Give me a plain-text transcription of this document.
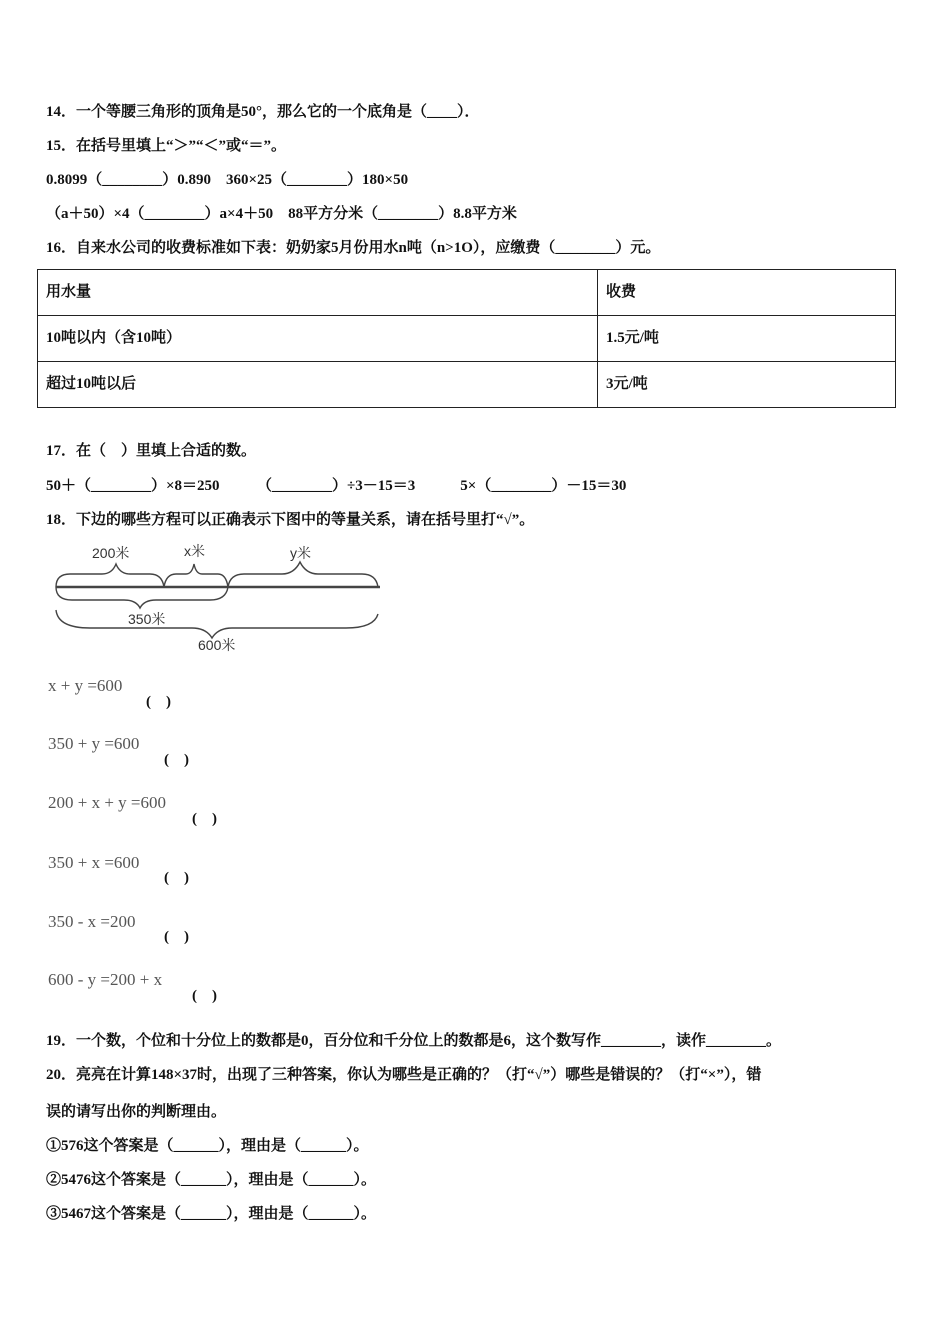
14．一个等腰三角形的顶角是50°，那么它的一个底角是（____）．
15．在括号里填上“＞”“＜”或“＝”。
0.8099（________）0.890　360×25（________）180×50
（a＋50）×4（________）a×4＋50　88平方分米（________）8.8平方米
16．自来水公司的收费标准如下表：奶奶家5月份用水n吨（n>1O），应缴费（________）元。
用水量	收费
10吨以内（含10吨）	1.5元/吨
超过10吨以后	3元/吨
17．在（　）里填上合适的数。
50＋（________）×8＝250　　　（________）÷3－15＝3　　　5×（________）－15＝30
18．下边的哪些方程可以正确表示下图中的等量关系，请在括号里打“√”。
200米	x米	y米
350米
600米
x + y =600
(　)
350 + y =600
(　)
200 + x + y =600
(　)
350 + x =600
(　)
350 - x =200
(　)
600 - y =200 + x
(　)
19．一个数，个位和十分位上的数都是0，百分位和千分位上的数都是6，这个数写作________，读作________。
20．亮亮在计算148×37时，出现了三种答案，你认为哪些是正确的？（打“√”）哪些是错误的？（打“×”），错
误的请写出你的判断理由。
①576这个答案是（______），理由是（______）。
②5476这个答案是（______），理由是（______）。
③5467这个答案是（______），理由是（______）。
